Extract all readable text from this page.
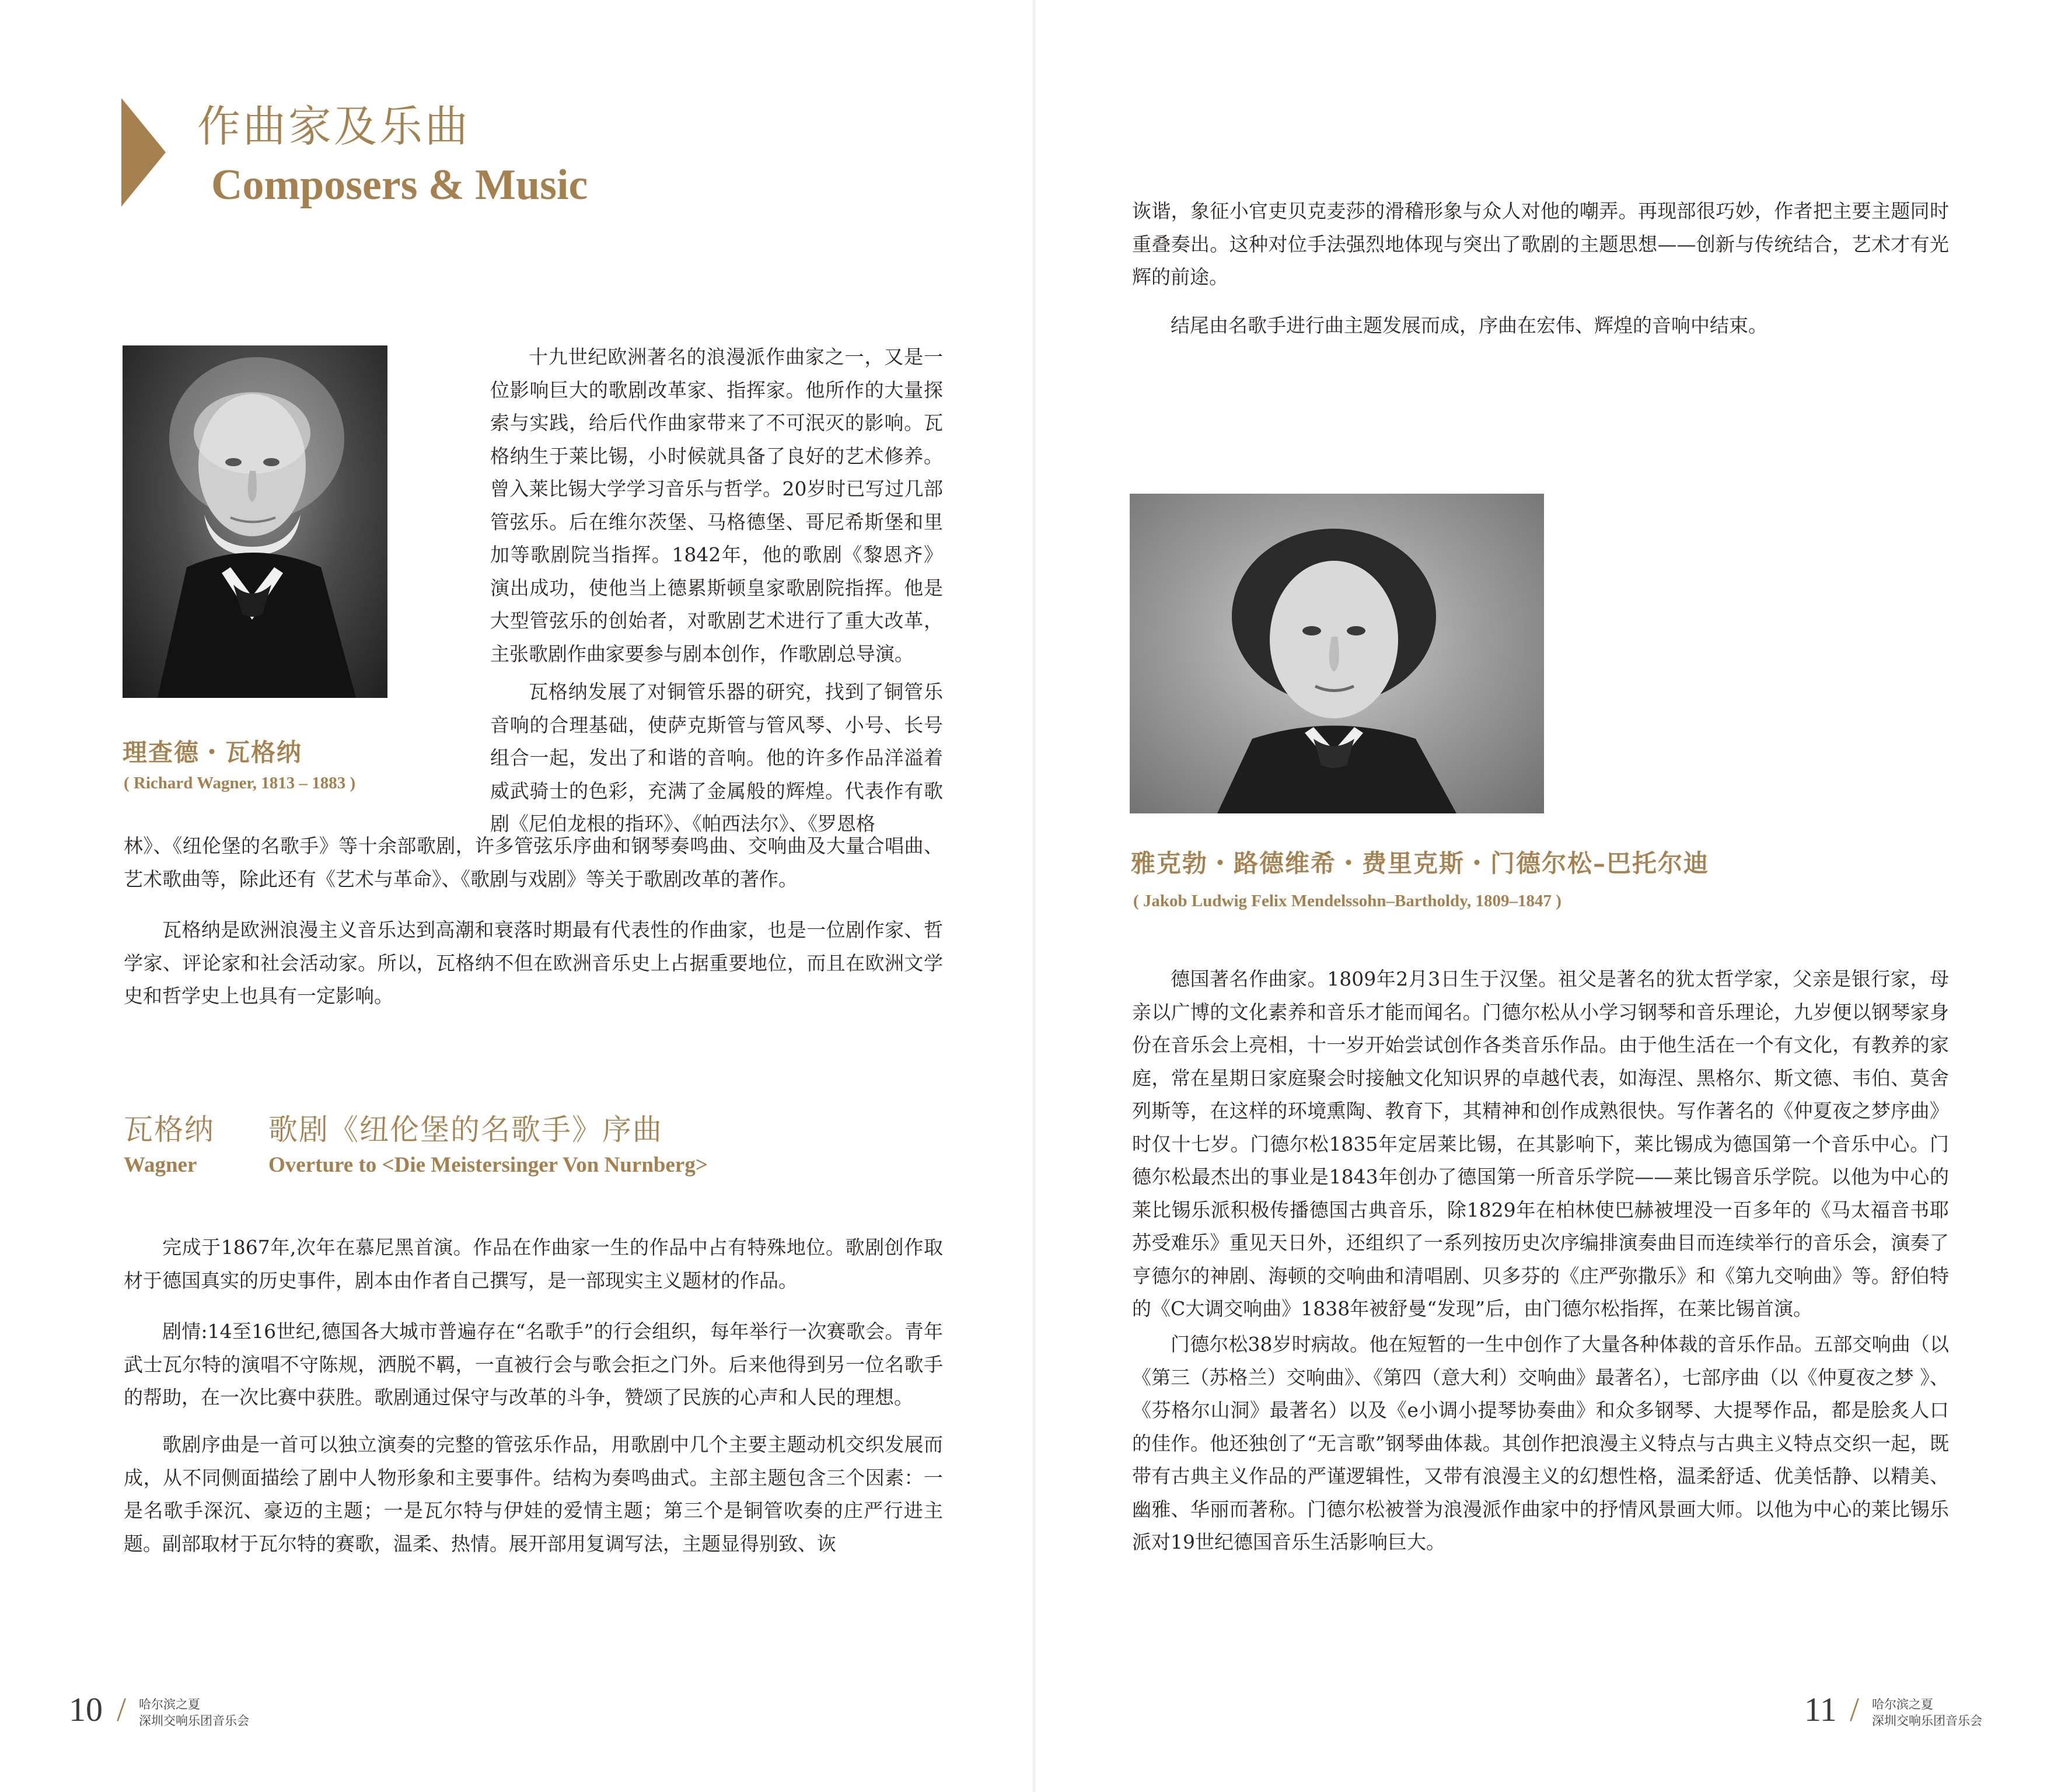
作曲家及乐曲
Composers & Music
理查德・瓦格纳
( Richard Wagner, 1813 – 1883 )

十九世纪欧洲著名的浪漫派作曲家之一，又是一位影响巨大的歌剧改革家、指挥家。他所作的大量探索与实践，给后代作曲家带来了不可泯灭的影响。瓦格纳生于莱比锡，小时候就具备了良好的艺术修养。曾入莱比锡大学学习音乐与哲学。20岁时已写过几部管弦乐。后在维尔茨堡、马格德堡、哥尼希斯堡和里加等歌剧院当指挥。1842年，他的歌剧《黎恩齐》演出成功，使他当上德累斯顿皇家歌剧院指挥。他是大型管弦乐的创始者，对歌剧艺术进行了重大改革，主张歌剧作曲家要参与剧本创作，作歌剧总导演。

瓦格纳发展了对铜管乐器的研究，找到了铜管乐音响的合理基础，使萨克斯管与管风琴、小号、长号组合一起，发出了和谐的音响。他的许多作品洋溢着威武骑士的色彩，充满了金属般的辉煌。代表作有歌剧《尼伯龙根的指环》、《帕西法尔》、《罗恩格

林》、《纽伦堡的名歌手》等十余部歌剧，许多管弦乐序曲和钢琴奏鸣曲、交响曲及大量合唱曲、艺术歌曲等，除此还有《艺术与革命》、《歌剧与戏剧》等关于歌剧改革的著作。

瓦格纳是欧洲浪漫主义音乐达到高潮和衰落时期最有代表性的作曲家，也是一位剧作家、哲学家、评论家和社会活动家。所以，瓦格纳不但在欧洲音乐史上占据重要地位，而且在欧洲文学史和哲学史上也具有一定影响。

瓦格纳 歌剧《纽伦堡的名歌手》序曲
Wagner	Overture to <Die Meistersinger Von Nurnberg>

完成于1867年,次年在慕尼黑首演。作品在作曲家一生的作品中占有特殊地位。歌剧创作取材于德国真实的历史事件，剧本由作者自己撰写，是一部现实主义题材的作品。

剧情:14至16世纪,德国各大城市普遍存在“名歌手”的行会组织，每年举行一次赛歌会。青年武士瓦尔特的演唱不守陈规，洒脱不羁，一直被行会与歌会拒之门外。后来他得到另一位名歌手的帮助，在一次比赛中获胜。歌剧通过保守与改革的斗争，赞颂了民族的心声和人民的理想。

歌剧序曲是一首可以独立演奏的完整的管弦乐作品，用歌剧中几个主要主题动机交织发展而成，从不同侧面描绘了剧中人物形象和主要事件。结构为奏鸣曲式。主部主题包含三个因素：一是名歌手深沉、豪迈的主题；一是瓦尔特与伊娃的爱情主题；第三个是铜管吹奏的庄严行进主题。副部取材于瓦尔特的赛歌，温柔、热情。展开部用复调写法，主题显得别致、诙

10 / 哈尔滨之夏
深圳交响乐团音乐会

诙谐，象征小官吏贝克麦莎的滑稽形象与众人对他的嘲弄。再现部很巧妙，作者把主要主题同时重叠奏出。这种对位手法强烈地体现与突出了歌剧的主题思想——创新与传统结合，艺术才有光辉的前途。

结尾由名歌手进行曲主题发展而成，序曲在宏伟、辉煌的音响中结束。

雅克勃・路德维希・费里克斯・门德尔松–巴托尔迪
( Jakob Ludwig Felix Mendelssohn–Bartholdy, 1809–1847 )

德国著名作曲家。1809年2月3日生于汉堡。祖父是著名的犹太哲学家，父亲是银行家，母亲以广博的文化素养和音乐才能而闻名。门德尔松从小学习钢琴和音乐理论，九岁便以钢琴家身份在音乐会上亮相，十一岁开始尝试创作各类音乐作品。由于他生活在一个有文化，有教养的家庭，常在星期日家庭聚会时接触文化知识界的卓越代表，如海涅、黑格尔、斯文德、韦伯、莫舍列斯等，在这样的环境熏陶、教育下，其精神和创作成熟很快。写作著名的《仲夏夜之梦序曲》时仅十七岁。门德尔松1835年定居莱比锡，在其影响下，莱比锡成为德国第一个音乐中心。门德尔松最杰出的事业是1843年创办了德国第一所音乐学院——莱比锡音乐学院。以他为中心的莱比锡乐派积极传播德国古典音乐，除1829年在柏林使巴赫被埋没一百多年的《马太福音书耶苏受难乐》重见天日外，还组织了一系列按历史次序编排演奏曲目而连续举行的音乐会，演奏了亨德尔的神剧、海顿的交响曲和清唱剧、贝多芬的《庄严弥撒乐》和《第九交响曲》等。舒伯特的《C大调交响曲》1838年被舒曼“发现”后，由门德尔松指挥，在莱比锡首演。

门德尔松38岁时病故。他在短暂的一生中创作了大量各种体裁的音乐作品。五部交响曲（以《第三（苏格兰）交响曲》、《第四（意大利）交响曲》最著名），七部序曲（以《仲夏夜之梦 》、《芬格尔山洞》最著名）以及《e小调小提琴协奏曲》和众多钢琴、大提琴作品，都是脍炙人口的佳作。他还独创了“无言歌”钢琴曲体裁。其创作把浪漫主义特点与古典主义特点交织一起，既带有古典主义作品的严谨逻辑性，又带有浪漫主义的幻想性格，温柔舒适、优美恬静、以精美、幽雅、华丽而著称。门德尔松被誉为浪漫派作曲家中的抒情风景画大师。以他为中心的莱比锡乐派对19世纪德国音乐生活影响巨大。

11 / 哈尔滨之夏
深圳交响乐团音乐会
